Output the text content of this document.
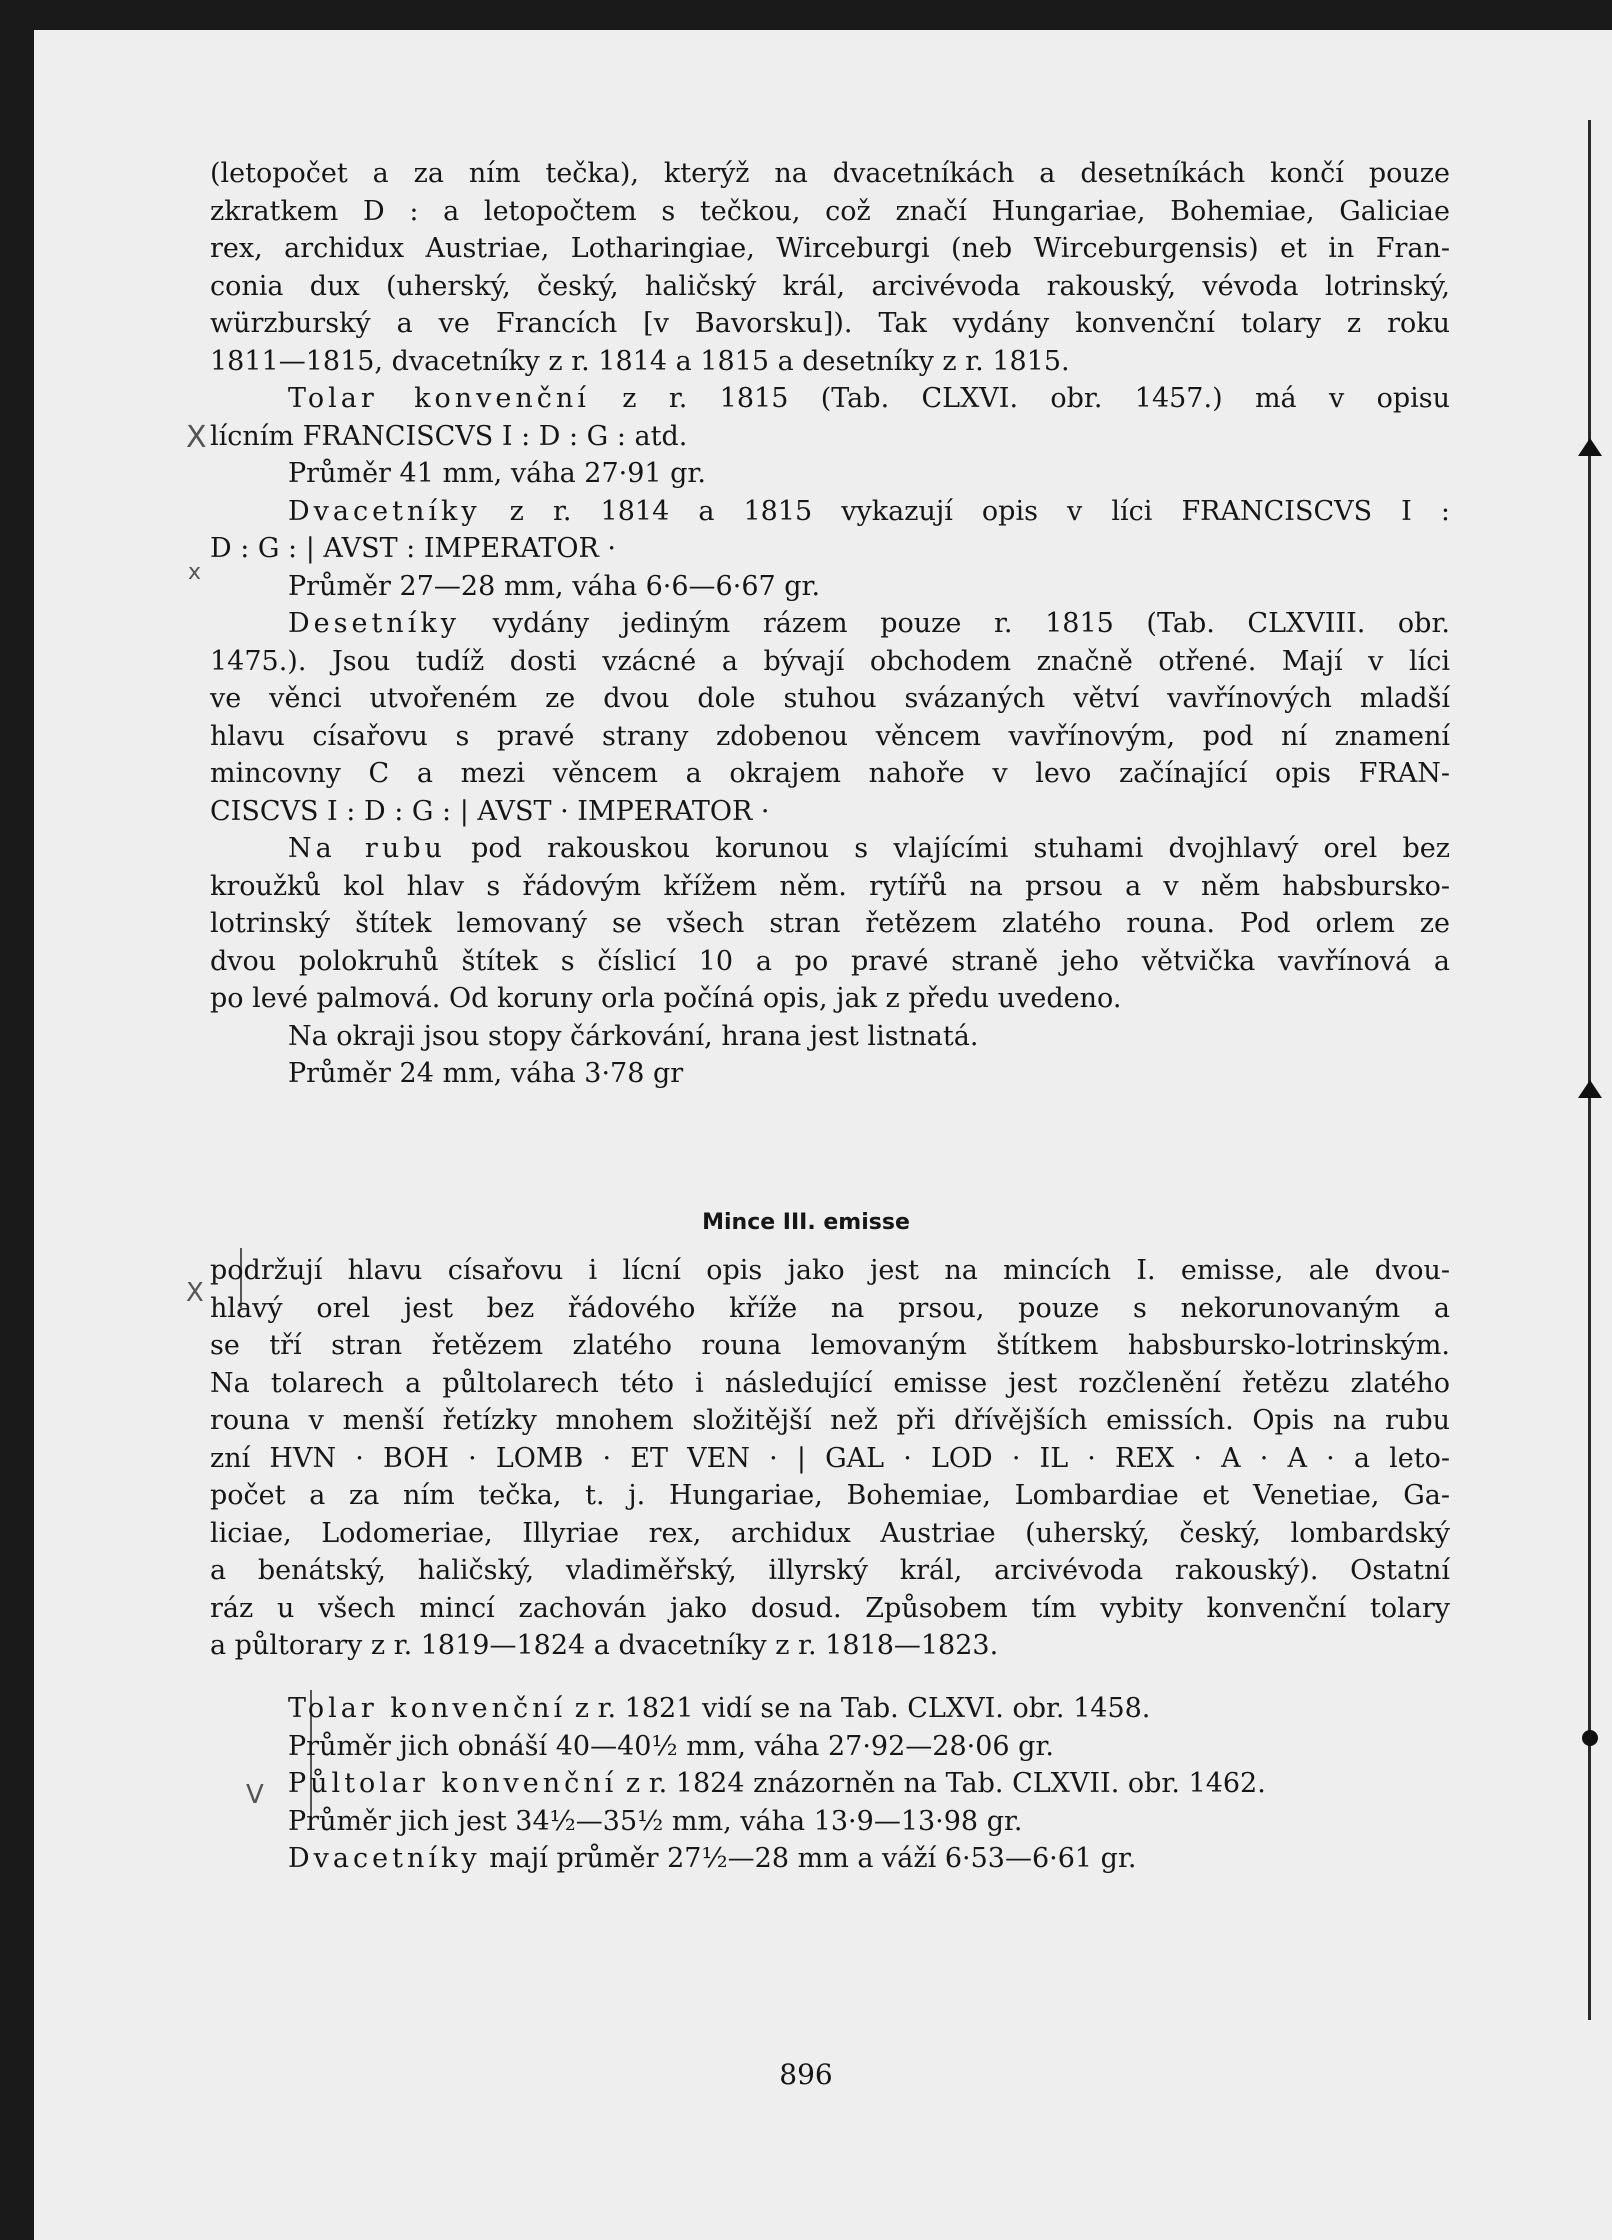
X
x
X
V
(letopočet a za ním tečka), kterýž na dvacetníkách a desetníkách končí pouze
zkratkem D : a letopočtem s tečkou, což značí Hungariae, Bohemiae, Galiciae
rex, archidux Austriae, Lotharingiae, Wirceburgi (neb Wirceburgensis) et in Fran-
conia dux (uherský, český, haličský král, arcivévoda rakouský, vévoda lotrinský,
würzburský a ve Francích [v Bavorsku]). Tak vydány konvenční tolary z roku
1811—1815, dvacetníky z r. 1814 a 1815 a desetníky z r. 1815.
Tolar konvenční z r. 1815 (Tab. CLXVI. obr. 1457.) má v opisu
lícním FRANCISCVS I : D : G : atd.
Průměr 41 mm, váha 27·91 gr.
Dvacetníky z r. 1814 a 1815 vykazují opis v líci FRANCISCVS I :
D : G : | AVST : IMPERATOR ·
Průměr 27—28 mm, váha 6·6—6·67 gr.
Desetníky vydány jediným rázem pouze r. 1815 (Tab. CLXVIII. obr.
1475.). Jsou tudíž dosti vzácné a bývají obchodem značně otřené. Mají v líci
ve věnci utvořeném ze dvou dole stuhou svázaných větví vavřínových mladší
hlavu císařovu s pravé strany zdobenou věncem vavřínovým, pod ní znamení
mincovny C a mezi věncem a okrajem nahoře v levo začínající opis FRAN-
CISCVS I : D : G : | AVST · IMPERATOR ·
Na rubu pod rakouskou korunou s vlajícími stuhami dvojhlavý orel bez
kroužků kol hlav s řádovým křížem něm. rytířů na prsou a v něm habsbursko-
lotrinský štítek lemovaný se všech stran řetězem zlatého rouna. Pod orlem ze
dvou polokruhů štítek s číslicí 10 a po pravé straně jeho větvička vavřínová a
po levé palmová. Od koruny orla počíná opis, jak z předu uvedeno.
Na okraji jsou stopy čárkování, hrana jest listnatá.
Průměr 24 mm, váha 3·78 gr
Mince III. emisse
podržují hlavu císařovu i lícní opis jako jest na mincích I. emisse, ale dvou-
hlavý orel jest bez řádového kříže na prsou, pouze s nekorunovaným a
se tří stran řetězem zlatého rouna lemovaným štítkem habsbursko-lotrinským.
Na tolarech a půltolarech této i následující emisse jest rozčlenění řetězu zlatého
rouna v menší řetízky mnohem složitější než při dřívějších emissích. Opis na rubu
zní HVN · BOH · LOMB · ET VEN · | GAL · LOD · IL · REX · A · A · a leto-
počet a za ním tečka, t. j. Hungariae, Bohemiae, Lombardiae et Venetiae, Ga-
liciae, Lodomeriae, Illyriae rex, archidux Austriae (uherský, český, lombardský
a benátský, haličský, vladiměřský, illyrský král, arcivévoda rakouský). Ostatní
ráz u všech mincí zachován jako dosud. Způsobem tím vybity konvenční tolary
a půltorary z r. 1819—1824 a dvacetníky z r. 1818—1823.
Tolar konvenční z r. 1821 vidí se na Tab. CLXVI. obr. 1458.
Průměr jich obnáší 40—40½ mm, váha 27·92—28·06 gr.
Půltolar konvenční z r. 1824 znázorněn na Tab. CLXVII. obr. 1462.
Průměr jich jest 34½—35½ mm, váha 13·9—13·98 gr.
Dvacetníky mají průměr 27½—28 mm a váží 6·53—6·61 gr.
896
